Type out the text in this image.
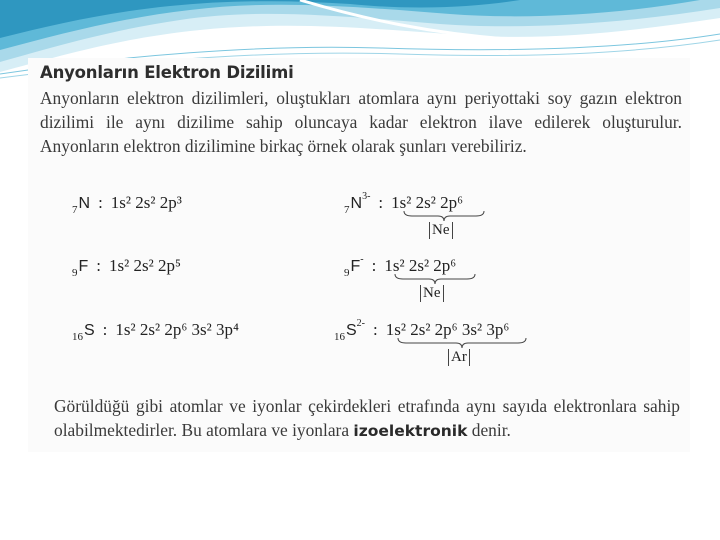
Anyonların Elektron Dizilimi
Anyonların elektron dizilimleri, oluştukları atomlara aynı periyottaki soy gazın elektron dizilimi ile aynı dizilime sahip oluncaya kadar elektron ilave edilerek oluşturulur. Anyonların elektron dizilimine birkaç örnek olarak şunları verebiliriz.
$_7$N : 1s² 2s² 2p³	$_7N^{3-}$ : 1s² 2s² 2p⁶
Ne
$_9$F : 1s² 2s² 2p⁵	$_9$F- : 1s² 2s² 2p⁶
Ne
$_{16}$S : 1s² 2s² 2p⁶ 3s² 3p⁴	$_{16}S^{2-}$ : 1s² 2s² 2p⁶ 3s² 3p⁶
Ar
Görüldüğü gibi atomlar ve iyonlar çekirdekleri etrafında aynı sayıda elektronlara sahip olabilmektedirler. Bu atomlara ve iyonlara izoelektronik denir.
